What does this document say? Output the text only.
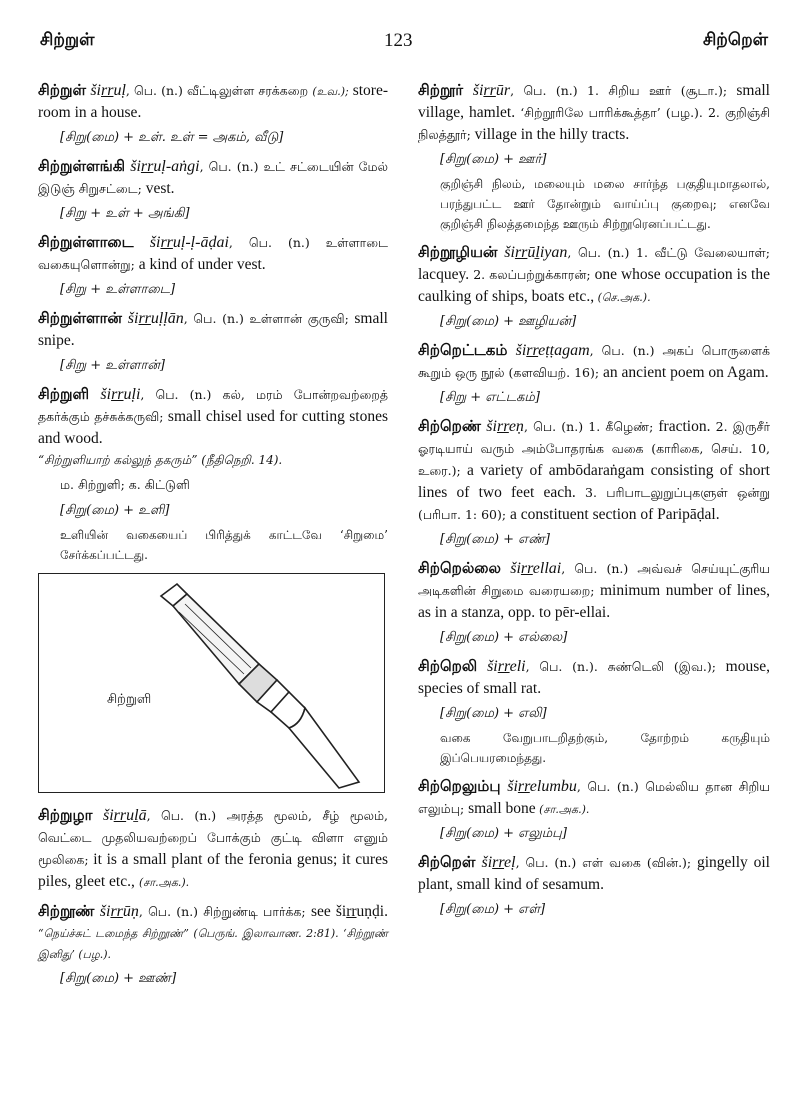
சிற்றுள்	123	சிற்றெள்
சிற்றுள் širruḷ, பெ. (n.) வீட்டிலுள்ள சரக்கறை (உவ.); store-room in a house.
[சிறு(மை) + உள். உள் = அகம், வீடு]
சிற்றுள்ளங்கி širruḷ-aṅgi, பெ. (n.) உட் சட்டையின் மேல் இடுஞ் சிறுசட்டை; vest.
[சிறு + உள் + அங்கி]
சிற்றுள்ளாடை širruḷ-ḷ-āḍai, பெ. (n.) உள்ளாடை வகையுளொன்று; a kind of under vest.
[சிறு + உள்ளாடை]
சிற்றுள்ளான் širruḷḷān, பெ. (n.) உள்ளான் குருவி; small snipe.
[சிறு + உள்ளான்]
சிற்றுளி širruḷi, பெ. (n.) கல், மரம் போன்றவற்றைத் தகர்க்கும் தச்சுக்கருவி; small chisel used for cutting stones and wood.
“சிற்றுளியாற் கல்லுந் தகரும்” (நீதிநெறி. 14).
ம. சிற்றுளி; க. கிட்டுளி
[சிறு(மை) + உளி]
உளியின் வகையைப் பிரித்துக் காட்டவே ‘சிறுமை’ சேர்க்கப்பட்டது.
சிற்றுளி
சிற்றுழா širruḻā, பெ. (n.) அரத்த மூலம், சீழ் மூலம், வெட்டை முதலியவற்றைப் போக்கும் குட்டி விளா எனும் மூலிகை; it is a small plant of the feronia genus; it cures piles, gleet etc., (சா.அக.).
சிற்றூண் širrūṇ, பெ. (n.) சிற்றுண்டி பார்க்க; see širruṇḍi. “நெய்ச்சுட் டமைந்த சிற்றூண்” (பெருங். இலாவாண. 2:81). ‘சிற்றூண் இனிது’ (பழ.).
[சிறு(மை) + ஊண்]
சிற்றூர் širrūr, பெ. (n.) 1. சிறிய ஊர் (சூடா.); small village, hamlet. ‘சிற்றூரிலே பாரிக்கூத்தா’ (பழ.). 2. குறிஞ்சி நிலத்தூர்; village in the hilly tracts.
[சிறு(மை) + ஊர்]
குறிஞ்சி நிலம், மலையும் மலை சார்ந்த பகுதியுமாதலால், பரந்துபட்ட ஊர் தோன்றும் வாய்ப்பு குறைவு; எனவே குறிஞ்சி நிலத்தமைந்த ஊரும் சிற்றூரெனப்பட்டது.
சிற்றூழியன் širrūḻiyan, பெ. (n.) 1. வீட்டு வேலையாள்; lacquey. 2. கலப்பற்றுக்காரன்; one whose occupation is the caulking of ships, boats etc., (செ.அக.).
[சிறு(மை) + ஊழியன்]
சிற்றெட்டகம் širreṭṭagam, பெ. (n.) அகப் பொருளைக் கூறும் ஒரு நூல் (களவியற். 16); an ancient poem on Agam.
[சிறு + எட்டகம்]
சிற்றெண் širreṇ, பெ. (n.) 1. கீழெண்; fraction. 2. இருசீர் ஓரடியாய் வரும் அம்போதரங்க வகை (காரிகை, செய். 10, உரை.); a variety of ambōdaraṅgam consisting of short lines of two feet each. 3. பரிபாடலுறுப்புகளுள் ஒன்று (பரிபா. 1: 60); a constituent section of Paripāḍal.
[சிறு(மை) + எண்]
சிற்றெல்லை širrellai, பெ. (n.) அவ்வச் செய்யுட்குரிய அடிகளின் சிறுமை வரையறை; minimum number of lines, as in a stanza, opp. to pēr-ellai.
[சிறு(மை) + எல்லை]
சிற்றெலி širreli, பெ. (n.). சுண்டெலி (இவ.); mouse, species of small rat.
[சிறு(மை) + எலி]
வகை வேறுபாடறிதற்கும், தோற்றம் கருதியும் இப்பெயரமைந்தது.
சிற்றெலும்பு širrelumbu, பெ. (n.) மெல்லிய தான சிறிய எலும்பு; small bone (சா.அக.).
[சிறு(மை) + எலும்பு]
சிற்றெள் širreḷ, பெ. (n.) எள் வகை (வின்.); gingelly oil plant, small kind of sesamum.
[சிறு(மை) + எள்]
